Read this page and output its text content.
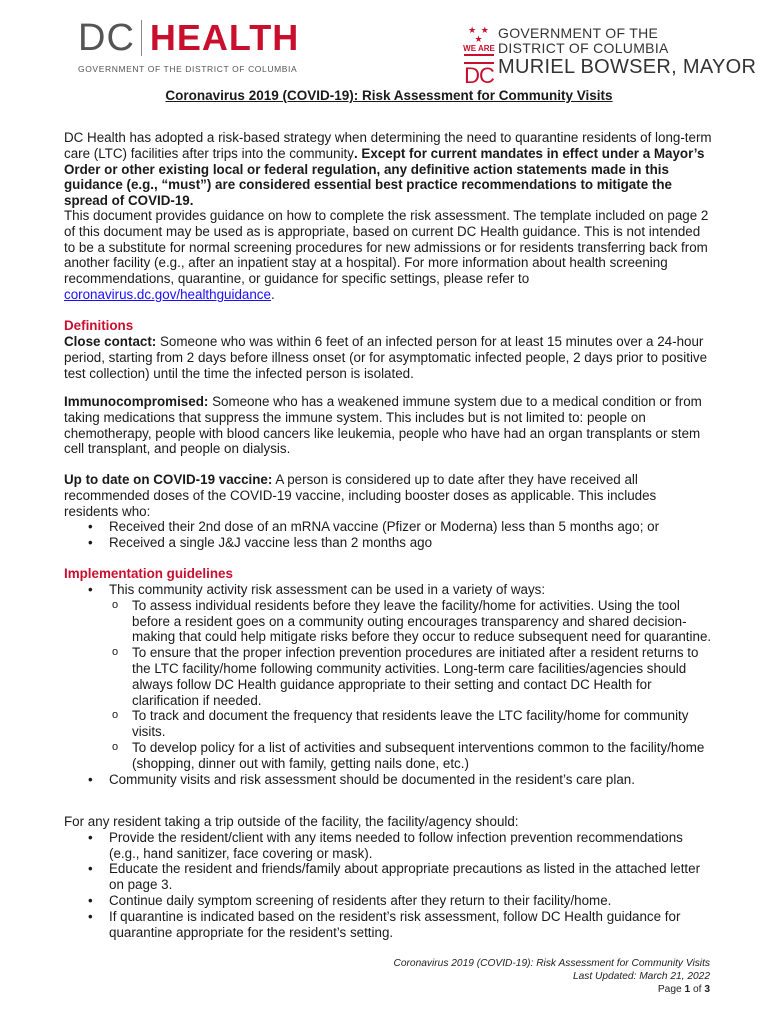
DC HEALTH
GOVERNMENT OF THE DISTRICT OF COLUMBIA
★ ★ ★
WE ARE
DC
GOVERNMENT OF THE
DISTRICT OF COLUMBIA
MURIEL BOWSER, MAYOR
Coronavirus 2019 (COVID-19): Risk Assessment for Community Visits

DC Health has adopted a risk-based strategy when determining the need to quarantine residents of long-term care (LTC) facilities after trips into the community. Except for current mandates in effect under a Mayor’s Order or other existing local or federal regulation, any definitive action statements made in this guidance (e.g., “must”) are considered essential best practice recommendations to mitigate the spread of COVID-19.

This document provides guidance on how to complete the risk assessment. The template included on page 2 of this document may be used as is appropriate, based on current DC Health guidance. This is not intended to be a substitute for normal screening procedures for new admissions or for residents transferring back from another facility (e.g., after an inpatient stay at a hospital). For more information about health screening recommendations, quarantine, or guidance for specific settings, please refer to coronavirus.dc.gov/healthguidance.

Definitions

Close contact: Someone who was within 6 feet of an infected person for at least 15 minutes over a 24-hour period, starting from 2 days before illness onset (or for asymptomatic infected people, 2 days prior to positive test collection) until the time the infected person is isolated.

Immunocompromised: Someone who has a weakened immune system due to a medical condition or from taking medications that suppress the immune system. This includes but is not limited to: people on chemotherapy, people with blood cancers like leukemia, people who have had an organ transplants or stem cell transplant, and people on dialysis.

Up to date on COVID-19 vaccine: A person is considered up to date after they have received all recommended doses of the COVID-19 vaccine, including booster doses as applicable. This includes residents who:

• Received their 2nd dose of an mRNA vaccine (Pfizer or Moderna) less than 5 months ago; or
• Received a single J&J vaccine less than 2 months ago
Implementation guidelines
• This community activity risk assessment can be used in a variety of ways:
o To assess individual residents before they leave the facility/home for activities. Using the tool before a resident goes on a community outing encourages transparency and shared decision-making that could help mitigate risks before they occur to reduce subsequent need for quarantine.
o To ensure that the proper infection prevention procedures are initiated after a resident returns to the LTC facility/home following community activities. Long-term care facilities/agencies should always follow DC Health guidance appropriate to their setting and contact DC Health for clarification if needed.
o To track and document the frequency that residents leave the LTC facility/home for community visits.
o To develop policy for a list of activities and subsequent interventions common to the facility/home (shopping, dinner out with family, getting nails done, etc.)
• Community visits and risk assessment should be documented in the resident’s care plan.

For any resident taking a trip outside of the facility, the facility/agency should:

• Provide the resident/client with any items needed to follow infection prevention recommendations (e.g., hand sanitizer, face covering or mask).
• Educate the resident and friends/family about appropriate precautions as listed in the attached letter on page 3.
• Continue daily symptom screening of residents after they return to their facility/home.
• If quarantine is indicated based on the resident’s risk assessment, follow DC Health guidance for quarantine appropriate for the resident’s setting.
Coronavirus 2019 (COVID-19): Risk Assessment for Community Visits
Last Updated: March 21, 2022
Page 1 of 3
